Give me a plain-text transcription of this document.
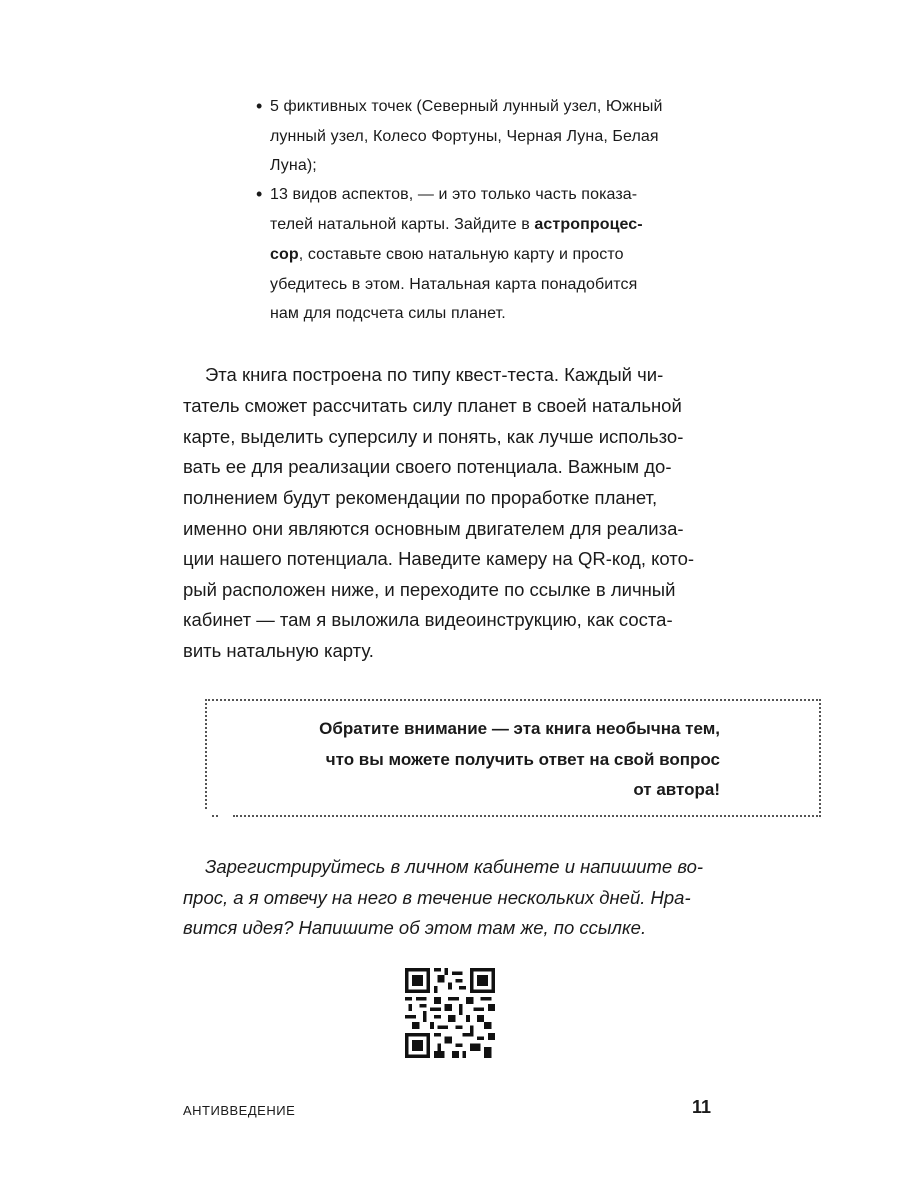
• 5 фиктивных точек (Северный лунный узел, Южный
лунный узел, Колесо Фортуны, Черная Луна, Белая
Луна);
• 13 видов аспектов, — и это только часть показа-
телей натальной карты. Зайдите в астропроцес-
сор, составьте свою натальную карту и просто
убедитесь в этом. Натальная карта понадобится
нам для подсчета силы планет.
Эта книга построена по типу квест-теста. Каждый чи-
татель сможет рассчитать силу планет в своей натальной
карте, выделить суперсилу и понять, как лучше использо-
вать ее для реализации своего потенциала. Важным до-
полнением будут рекомендации по проработке планет,
именно они являются основным двигателем для реализа-
ции нашего потенциала. Наведите камеру на QR-код, кото-
рый расположен ниже, и переходите по ссылке в личный
кабинет — там я выложила видеоинструкцию, как соста-
вить натальную карту.
Обратите внимание — эта книга необычна тем,
что вы можете получить ответ на свой вопрос
от автора!
Зарегистрируйтесь в личном кабинете и напишите во-
прос, а я отвечу на него в течение нескольких дней. Нра-
вится идея? Напишите об этом там же, по ссылке.
АНТИВВЕДЕНИЕ	11
